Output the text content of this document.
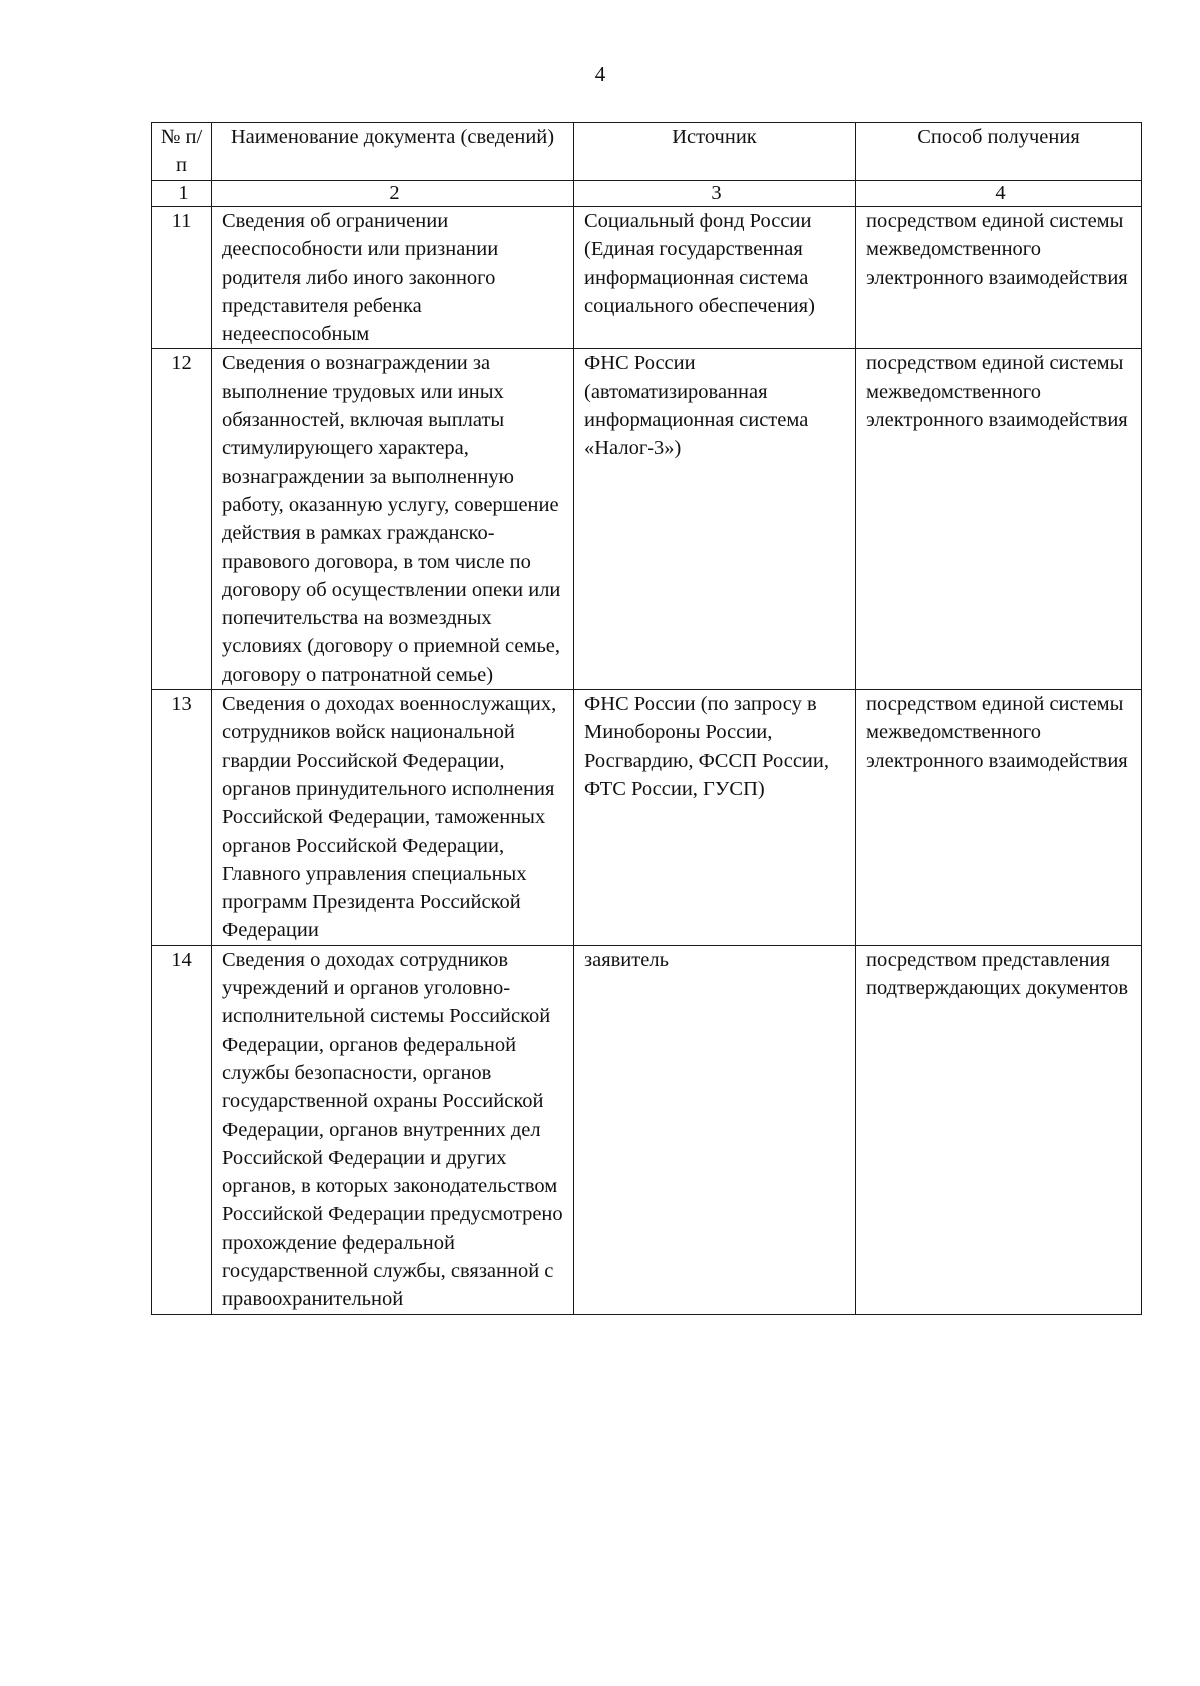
4
№ п/п	Наименование документа (сведений)	Источник	Способ получения
1	2	3	4
11	Сведения об ограничении дееспособности или признании родителя либо иного законного представителя ребенка недееспособным	Социальный фонд России (Единая государственная информационная система социального обеспечения)	посредством единой системы межведомственного электронного взаимодействия
12	Сведения о вознаграждении за выполнение трудовых или иных обязанностей, включая выплаты стимулирующего характера, вознаграждении за выполненную работу, оказанную услугу, совершение действия в рамках гражданско-правового договора, в том числе по договору об осуществлении опеки или попечительства на возмездных условиях (договору о приемной семье, договору о патронатной семье)	ФНС России (автоматизированная информационная система «Налог-3»)	посредством единой системы межведомственного электронного взаимодействия
13	Сведения о доходах военнослужащих, сотрудников войск национальной гвардии Российской Федерации, органов принудительного исполнения Российской Федерации, таможенных органов Российской Федерации, Главного управления специальных программ Президента Российской Федерации	ФНС России (по запросу в Минобороны России, Росгвардию, ФССП России, ФТС России, ГУСП)	посредством единой системы межведомственного электронного взаимодействия
14	Сведения о доходах сотрудников учреждений и органов уголовно-исполнительной системы Российской Федерации, органов федеральной службы безопасности, органов государственной охраны Российской Федерации, органов внутренних дел Российской Федерации и других органов, в которых законодательством Российской Федерации предусмотрено прохождение федеральной государственной службы, связанной с правоохранительной	заявитель	посредством представления подтверждающих документов
